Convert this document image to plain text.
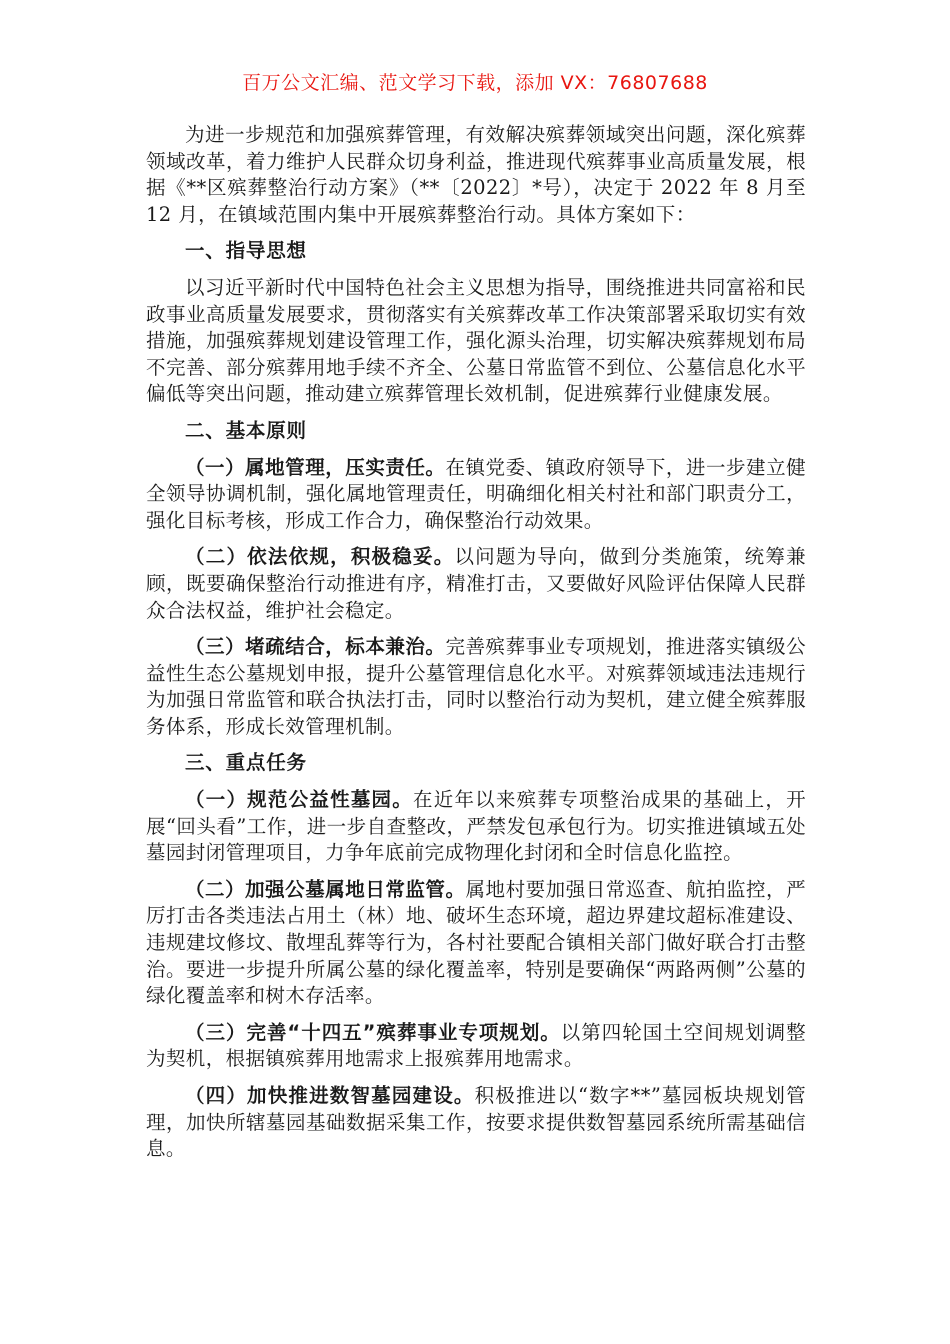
百万公文汇编、范文学习下载，添加 VX：76807688

为进一步规范和加强殡葬管理，有效解决殡葬领域突出问题，深化殡葬领域改革，着力维护人民群众切身利益，推进现代殡葬事业高质量发展，根据《**区殡葬整治行动方案》（**〔2022〕*号），决定于 2022 年 8 月至 12 月，在镇域范围内集中开展殡葬整治行动。具体方案如下：

一、指导思想

以习近平新时代中国特色社会主义思想为指导，围绕推进共同富裕和民政事业高质量发展要求，贯彻落实有关殡葬改革工作决策部署采取切实有效措施，加强殡葬规划建设管理工作，强化源头治理，切实解决殡葬规划布局不完善、部分殡葬用地手续不齐全、公墓日常监管不到位、公墓信息化水平偏低等突出问题，推动建立殡葬管理长效机制，促进殡葬行业健康发展。

二、基本原则

（一）属地管理，压实责任。在镇党委、镇政府领导下，进一步建立健全领导协调机制，强化属地管理责任，明确细化相关村社和部门职责分工，强化目标考核，形成工作合力，确保整治行动效果。

（二）依法依规，积极稳妥。以问题为导向，做到分类施策，统筹兼顾，既要确保整治行动推进有序，精准打击，又要做好风险评估保障人民群众合法权益，维护社会稳定。

（三）堵疏结合，标本兼治。完善殡葬事业专项规划，推进落实镇级公益性生态公墓规划申报，提升公墓管理信息化水平。对殡葬领域违法违规行为加强日常监管和联合执法打击，同时以整治行动为契机，建立健全殡葬服务体系，形成长效管理机制。

三、重点任务

（一）规范公益性墓园。在近年以来殡葬专项整治成果的基础上，开展“回头看”工作，进一步自查整改，严禁发包承包行为。切实推进镇域五处墓园封闭管理项目，力争年底前完成物理化封闭和全时信息化监控。

（二）加强公墓属地日常监管。属地村要加强日常巡查、航拍监控，严厉打击各类违法占用土（林）地、破坏生态环境，超边界建坟超标准建设、违规建坟修坟、散埋乱葬等行为，各村社要配合镇相关部门做好联合打击整治。要进一步提升所属公墓的绿化覆盖率，特别是要确保“两路两侧”公墓的绿化覆盖率和树木存活率。

（三）完善“十四五”殡葬事业专项规划。以第四轮国土空间规划调整为契机，根据镇殡葬用地需求上报殡葬用地需求。

（四）加快推进数智墓园建设。积极推进以“数字**”墓园板块规划管理，加快所辖墓园基础数据采集工作，按要求提供数智墓园系统所需基础信息。
